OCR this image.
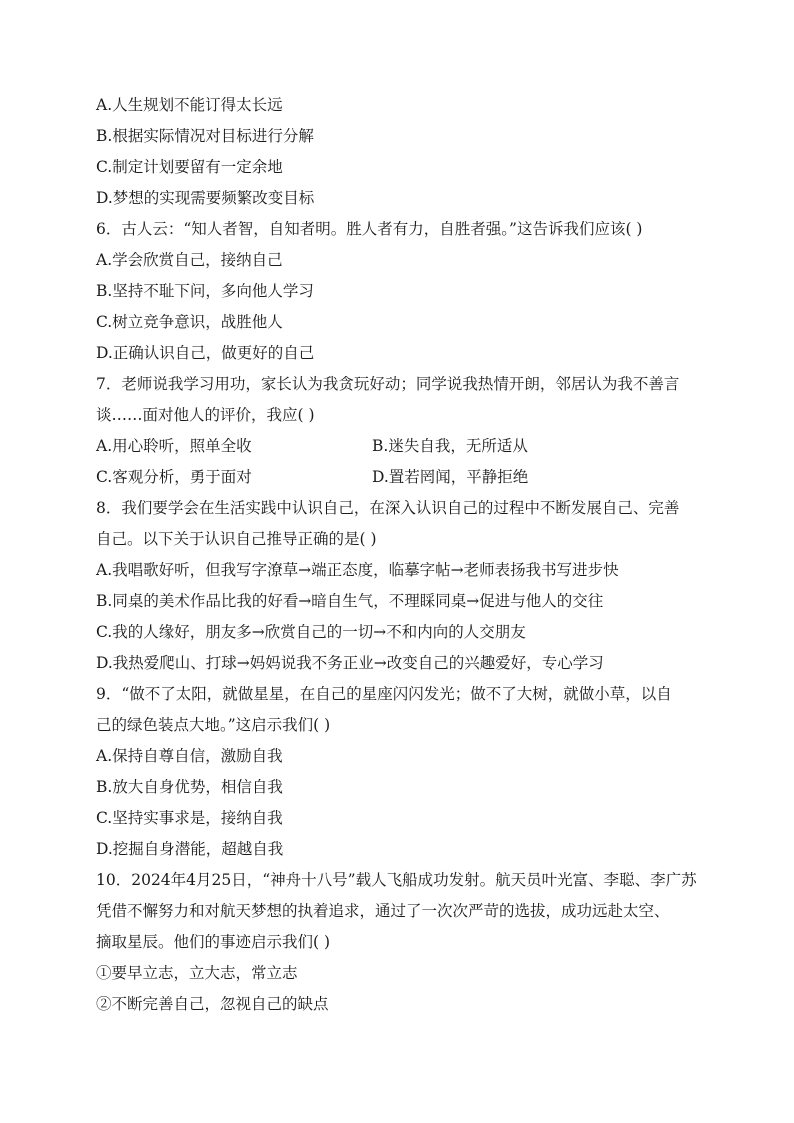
A.人生规划不能订得太长远
B.根据实际情况对目标进行分解
C.制定计划要留有一定余地
D.梦想的实现需要频繁改变目标
6．古人云：“知人者智，自知者明。胜人者有力，自胜者强。”这告诉我们应该( )
A.学会欣赏自己，接纳自己
B.坚持不耻下问，多向他人学习
C.树立竞争意识，战胜他人
D.正确认识自己，做更好的自己
7．老师说我学习用功，家长认为我贪玩好动；同学说我热情开朗，邻居认为我不善言
谈……面对他人的评价，我应( )
A.用心聆听，照单全收	B.迷失自我，无所适从
C.客观分析，勇于面对	D.置若罔闻，平静拒绝
8．我们要学会在生活实践中认识自己，在深入认识自己的过程中不断发展自己、完善
自己。以下关于认识自己推导正确的是( )
A.我唱歌好听，但我写字潦草→端正态度，临摹字帖→老师表扬我书写进步快
B.同桌的美术作品比我的好看→暗自生气，不理睬同桌→促进与他人的交往
C.我的人缘好，朋友多→欣赏自己的一切→不和内向的人交朋友
D.我热爱爬山、打球→妈妈说我不务正业→改变自己的兴趣爱好，专心学习
9．“做不了太阳，就做星星，在自己的星座闪闪发光；做不了大树，就做小草，以自
己的绿色装点大地。”这启示我们( )
A.保持自尊自信，激励自我
B.放大自身优势，相信自我
C.坚持实事求是，接纳自我
D.挖掘自身潜能，超越自我
10．2024年4月25日，“神舟十八号”载人飞船成功发射。航天员叶光富、李聪、李广苏
凭借不懈努力和对航天梦想的执着追求，通过了一次次严苛的选拔，成功远赴太空、
摘取星辰。他们的事迹启示我们( )
①要早立志，立大志，常立志
②不断完善自己，忽视自己的缺点
